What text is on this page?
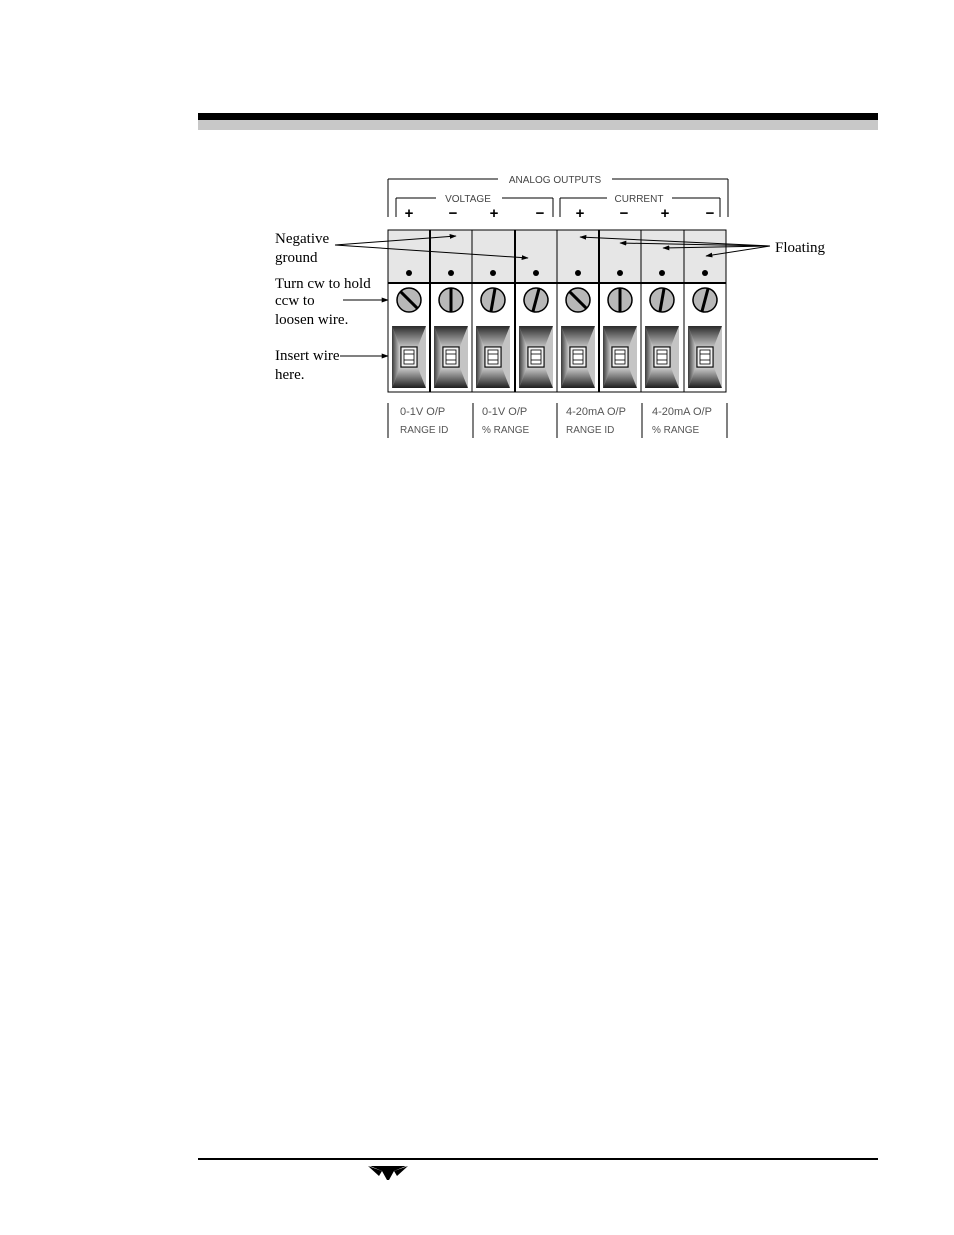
ANALOG OUTPUTS
VOLTAGE	CURRENT
+ − + − + − + −
0-1V O/P
RANGE ID
0-1V O/P
% RANGE
4-20mA O/P
RANGE ID
4-20mA O/P
% RANGE
Negative
ground
Turn cw to hold
ccw to
loosen wire.
Insert wire
here.
Floating
